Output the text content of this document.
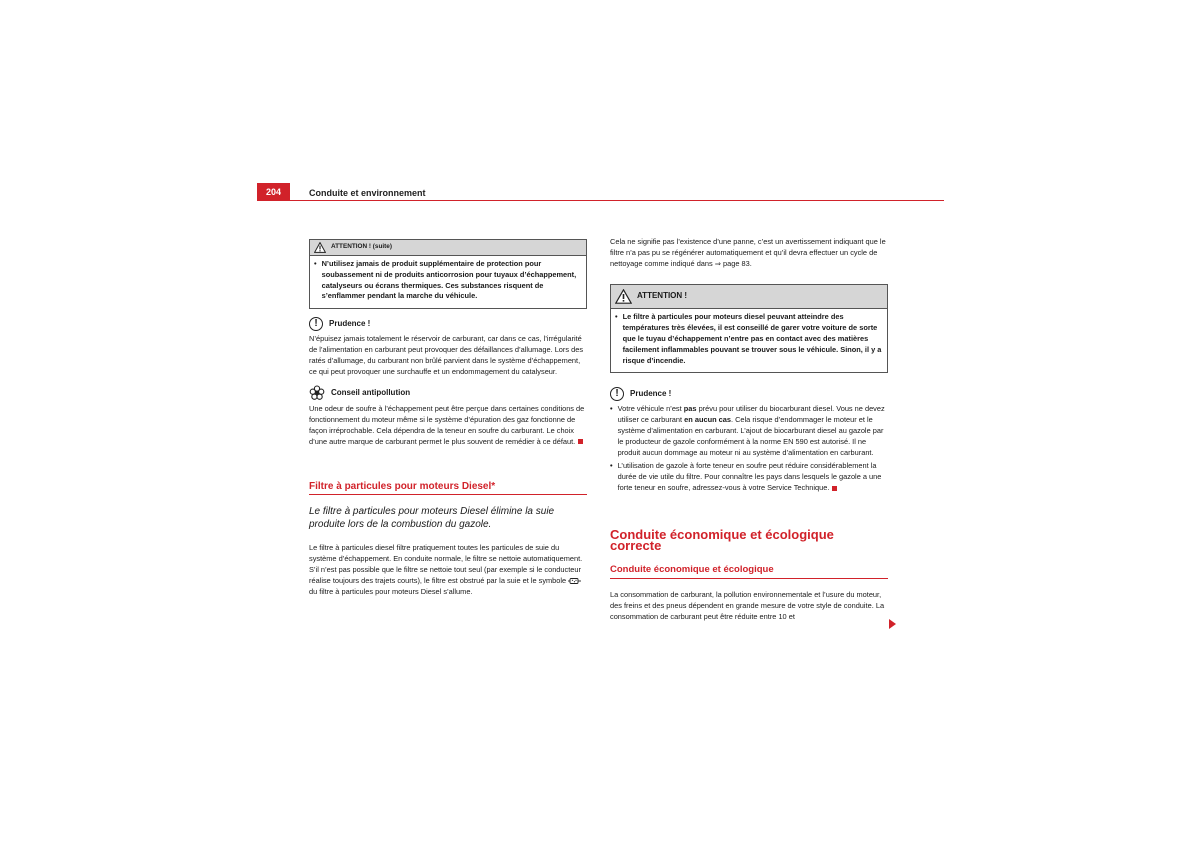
204	Conduite et environnement
ATTENTION ! (suite)
• N’utilisez jamais de produit supplémentaire de protection pour soubassement ni de produits anticorrosion pour tuyaux d’échappement, catalyseurs ou écrans thermiques. Ces substances risquent de s’enflammer pendant la marche du véhicule.
!	Prudence !

N’épuisez jamais totalement le réservoir de carburant, car dans ce cas, l’irrégularité de l’alimentation en carburant peut provoquer des défaillances d’allumage. Lors des ratés d’allumage, du carburant non brûlé parvient dans le système d’échappement, ce qui peut provoquer une surchauffe et un endommagement du catalyseur.

Conseil antipollution

Une odeur de soufre à l’échappement peut être perçue dans certaines conditions de fonctionnement du moteur même si le système d’épuration des gaz fonctionne de façon irréprochable. Cela dépendra de la teneur en soufre du carburant. Le choix d’une autre marque de carburant permet le plus souvent de remédier à ce défaut.

Filtre à particules pour moteurs Diesel*
Le filtre à particules pour moteurs Diesel élimine la suie produite lors de la combustion du gazole.

Le filtre à particules diesel filtre pratiquement toutes les particules de suie du système d’échappement. En conduite normale, le filtre se nettoie automatiquement. S’il n’est pas possible que le filtre se nettoie tout seul (par exemple si le conducteur réalise toujours des trajets courts), le filtre est obstrué par la suie et le symbole  du filtre à particules pour moteurs Diesel s’allume.

Cela ne signifie pas l’existence d’une panne, c’est un avertissement indiquant que le filtre n’a pas pu se régénérer automatiquement et qu’il devra effectuer un cycle de nettoyage comme indiqué dans ⇒ page 83.

ATTENTION !
• Le filtre à particules pour moteurs diesel peuvant atteindre des températures très élevées, il est conseillé de garer votre voiture de sorte que le tuyau d’échappement n’entre pas en contact avec des matières facilement inflammables pouvant se trouver sous le véhicule. Sinon, il y a risque d’incendie.
!	Prudence !
• Votre véhicule n’est pas prévu pour utiliser du biocarburant diesel. Vous ne devez utiliser ce carburant en aucun cas. Cela risque d’endommager le moteur et le système d’alimentation en carburant. L’ajout de biocarburant diesel au gazole par le producteur de gazole conformément à la norme EN 590 est autorisé. Il ne produit aucun dommage au moteur ni au système d’alimentation en carburant.
• L’utilisation de gazole à forte teneur en soufre peut réduire considérablement la durée de vie utile du filtre. Pour connaître les pays dans lesquels le gazole a une forte teneur en soufre, adressez-vous à votre Service Technique.
Conduite économique et écologique correcte
Conduite économique et écologique

La consommation de carburant, la pollution environnementale et l’usure du moteur, des freins et des pneus dépendent en grande mesure de votre style de conduite. La consommation de carburant peut être réduite entre 10 et
